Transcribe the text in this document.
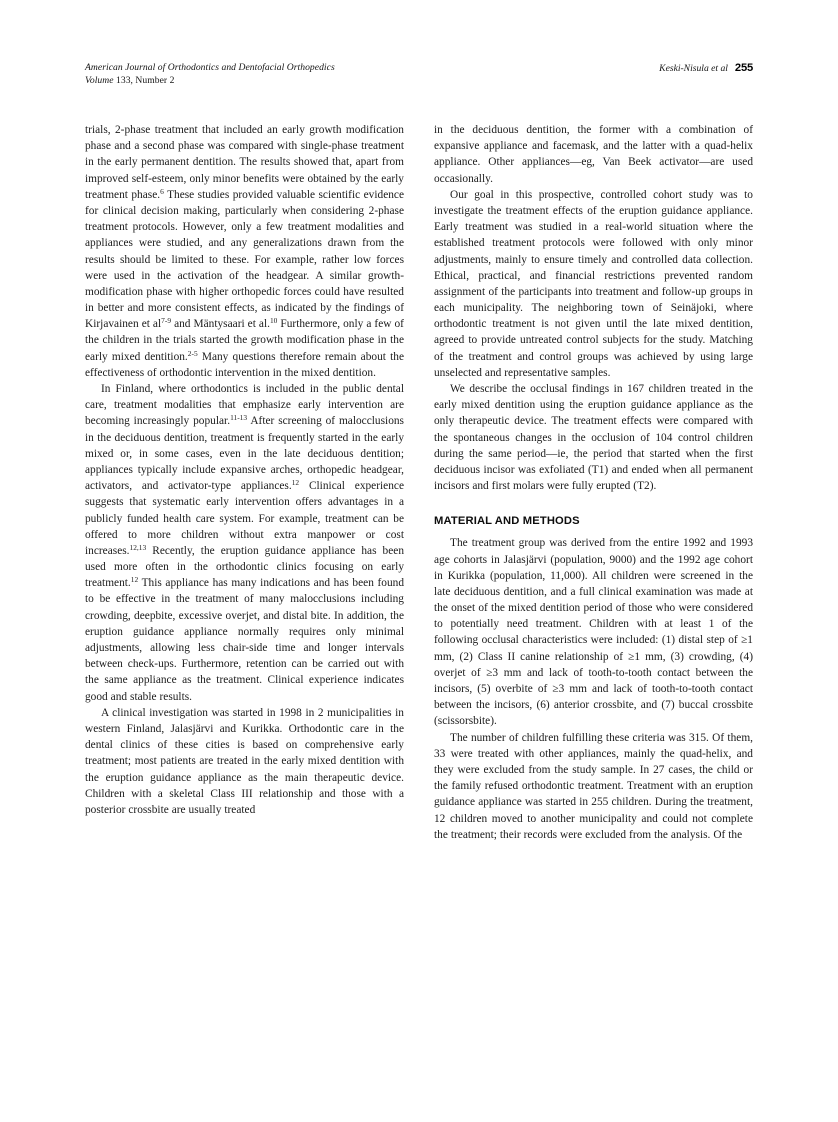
American Journal of Orthodontics and Dentofacial Orthopedics
Volume 133, Number 2
Keski-Nisula et al 255

trials, 2-phase treatment that included an early growth modification phase and a second phase was compared with single-phase treatment in the early permanent dentition. The results showed that, apart from improved self-esteem, only minor benefits were obtained by the early treatment phase.$^6$ These studies provided valuable scientific evidence for clinical decision making, particularly when considering 2-phase treatment protocols. However, only a few treatment modalities and appliances were studied, and any generalizations drawn from the results should be limited to these. For example, rather low forces were used in the activation of the headgear. A similar growth-modification phase with higher orthopedic forces could have resulted in better and more consistent effects, as indicated by the findings of Kirjavainen et $al^{7-9}$ and Mäntysaari et al.$^{10}$ Furthermore, only a few of the children in the trials started the growth modification phase in the early mixed dentition.$^{2-5}$ Many questions therefore remain about the effectiveness of orthodontic intervention in the mixed dentition.

In Finland, where orthodontics is included in the public dental care, treatment modalities that emphasize early intervention are becoming increasingly popular.$^{11-13}$ After screening of malocclusions in the deciduous dentition, treatment is frequently started in the early mixed or, in some cases, even in the late deciduous dentition; appliances typically include expansive arches, orthopedic headgear, activators, and activator-type appliances.$^{12}$ Clinical experience suggests that systematic early intervention offers advantages in a publicly funded health care system. For example, treatment can be offered to more children without extra manpower or cost increases.$^{12,13}$ Recently, the eruption guidance appliance has been used more often in the orthodontic clinics focusing on early treatment.$^{12}$ This appliance has many indications and has been found to be effective in the treatment of many malocclusions including crowding, deepbite, excessive overjet, and distal bite. In addition, the eruption guidance appliance normally requires only minimal adjustments, allowing less chair-side time and longer intervals between check-ups. Furthermore, retention can be carried out with the same appliance as the treatment. Clinical experience indicates good and stable results.

A clinical investigation was started in 1998 in 2 municipalities in western Finland, Jalasjärvi and Kurikka. Orthodontic care in the dental clinics of these cities is based on comprehensive early treatment; most patients are treated in the early mixed dentition with the eruption guidance appliance as the main therapeutic device. Children with a skeletal Class III relationship and those with a posterior crossbite are usually treated

in the deciduous dentition, the former with a combination of expansive appliance and facemask, and the latter with a quad-helix appliance. Other appliances—eg, Van Beek activator—are used occasionally.

Our goal in this prospective, controlled cohort study was to investigate the treatment effects of the eruption guidance appliance. Early treatment was studied in a real-world situation where the established treatment protocols were followed with only minor adjustments, mainly to ensure timely and controlled data collection. Ethical, practical, and financial restrictions prevented random assignment of the participants into treatment and follow-up groups in each municipality. The neighboring town of Seinäjoki, where orthodontic treatment is not given until the late mixed dentition, agreed to provide untreated control subjects for the study. Matching of the treatment and control groups was achieved by using large unselected and representative samples.

We describe the occlusal findings in 167 children treated in the early mixed dentition using the eruption guidance appliance as the only therapeutic device. The treatment effects were compared with the spontaneous changes in the occlusion of 104 control children during the same period—ie, the period that started when the first deciduous incisor was exfoliated (T1) and ended when all permanent incisors and first molars were fully erupted (T2).

MATERIAL AND METHODS

The treatment group was derived from the entire 1992 and 1993 age cohorts in Jalasjärvi (population, 9000) and the 1992 age cohort in Kurikka (population, 11,000). All children were screened in the late deciduous dentition, and a full clinical examination was made at the onset of the mixed dentition period of those who were considered to potentially need treatment. Children with at least 1 of the following occlusal characteristics were included: (1) distal step of ≥1 mm, (2) Class II canine relationship of ≥1 mm, (3) crowding, (4) overjet of ≥3 mm and lack of tooth-to-tooth contact between the incisors, (5) overbite of ≥3 mm and lack of tooth-to-tooth contact between the incisors, (6) anterior crossbite, and (7) buccal crossbite (scissorsbite).

The number of children fulfilling these criteria was 315. Of them, 33 were treated with other appliances, mainly the quad-helix, and they were excluded from the study sample. In 27 cases, the child or the family refused orthodontic treatment. Treatment with an eruption guidance appliance was started in 255 children. During the treatment, 12 children moved to another municipality and could not complete the treatment; their records were excluded from the analysis. Of the
